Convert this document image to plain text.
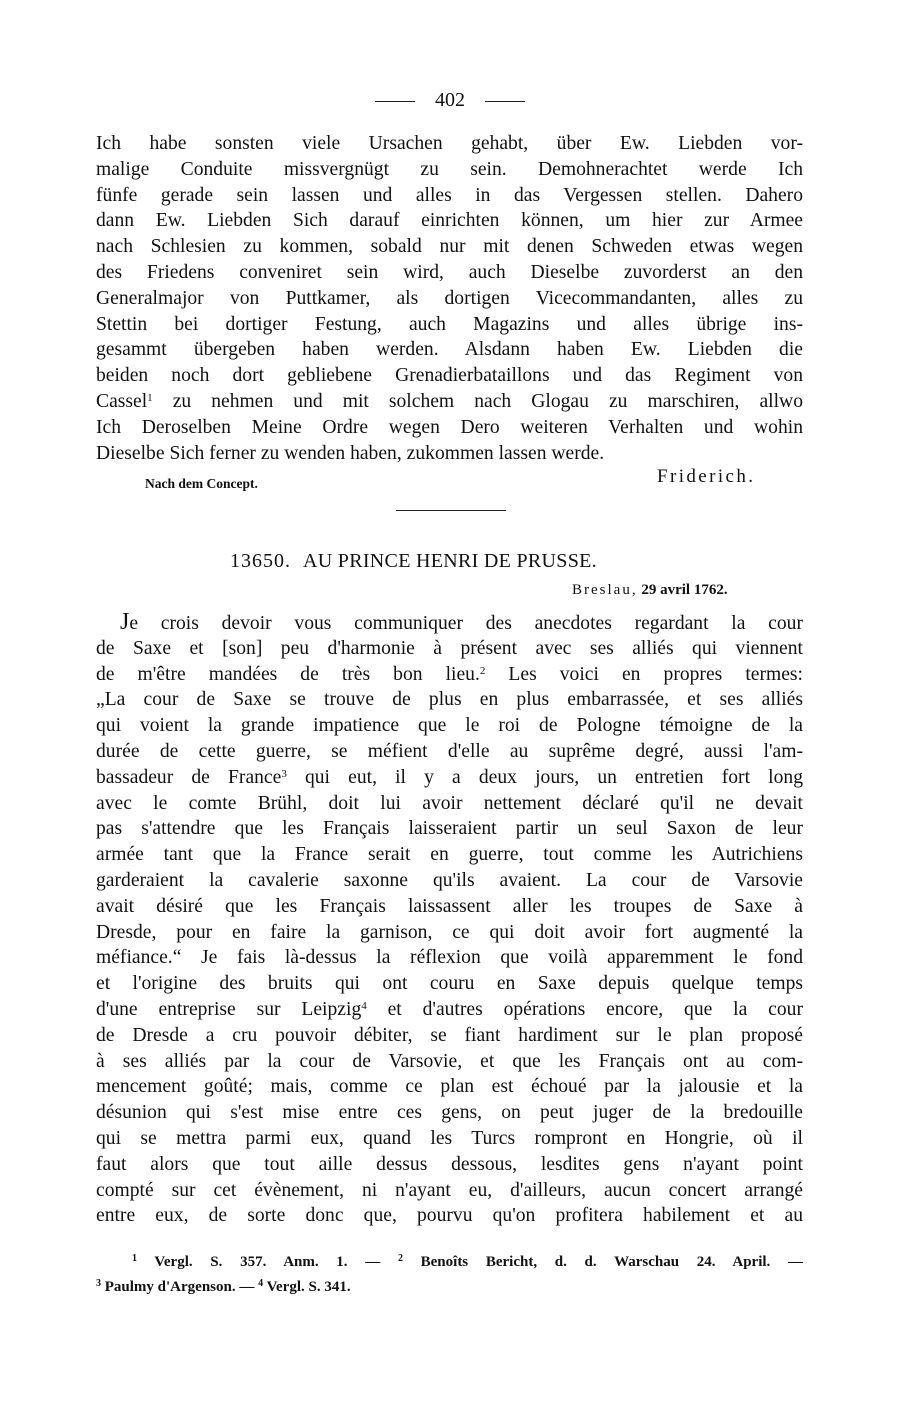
402
Ich habe sonsten viele Ursachen gehabt, über Ew. Liebden vor-
malige Conduite missvergnügt zu sein. Demohnerachtet werde Ich
fünfe gerade sein lassen und alles in das Vergessen stellen. Dahero
dann Ew. Liebden Sich darauf einrichten können, um hier zur Armee
nach Schlesien zu kommen, sobald nur mit denen Schweden etwas wegen
des Friedens conveniret sein wird, auch Dieselbe zuvorderst an den
Generalmajor von Puttkamer, als dortigen Vicecommandanten, alles zu
Stettin bei dortiger Festung, auch Magazins und alles übrige ins-
gesammt übergeben haben werden. Alsdann haben Ew. Liebden die
beiden noch dort gebliebene Grenadierbataillons und das Regiment von
Cassel$^1$ zu nehmen und mit solchem nach Glogau zu marschiren, allwo
Ich Deroselben Meine Ordre wegen Dero weiteren Verhalten und wohin
Dieselbe Sich ferner zu wenden haben, zukommen lassen werde.
Nach dem Concept.	Friderich.
13650. AU PRINCE HENRI DE PRUSSE.
Breslau, 29 avril 1762.
Je crois devoir vous communiquer des anecdotes regardant la cour
de Saxe et [son] peu d'harmonie à présent avec ses alliés qui viennent
de m'être mandées de très bon lieu.$^2$ Les voici en propres termes:
„La cour de Saxe se trouve de plus en plus embarrassée, et ses alliés
qui voient la grande impatience que le roi de Pologne témoigne de la
durée de cette guerre, se méfient d'elle au suprême degré, aussi l'am-
bassadeur de France$^3$ qui eut, il y a deux jours, un entretien fort long
avec le comte Brühl, doit lui avoir nettement déclaré qu'il ne devait
pas s'attendre que les Français laisseraient partir un seul Saxon de leur
armée tant que la France serait en guerre, tout comme les Autrichiens
garderaient la cavalerie saxonne qu'ils avaient. La cour de Varsovie
avait désiré que les Français laissassent aller les troupes de Saxe à
Dresde, pour en faire la garnison, ce qui doit avoir fort augmenté la
méfiance.“ Je fais là-dessus la réflexion que voilà apparemment le fond
et l'origine des bruits qui ont couru en Saxe depuis quelque temps
d'une entreprise sur Leipzig$^4$ et d'autres opérations encore, que la cour
de Dresde a cru pouvoir débiter, se fiant hardiment sur le plan proposé
à ses alliés par la cour de Varsovie, et que les Français ont au com-
mencement goûté; mais, comme ce plan est échoué par la jalousie et la
désunion qui s'est mise entre ces gens, on peut juger de la bredouille
qui se mettra parmi eux, quand les Turcs rompront en Hongrie, où il
faut alors que tout aille dessus dessous, lesdites gens n'ayant point
compté sur cet évènement, ni n'ayant eu, d'ailleurs, aucun concert arrangé
entre eux, de sorte donc que, pourvu qu'on profitera habilement et au
$^1$ Vergl. S. 357. Anm. 1. — $^2$ Benoîts Bericht, d. d. Warschau 24. April. —
$^3$ Paulmy d'Argenson. — $^4$ Vergl. S. 341.
